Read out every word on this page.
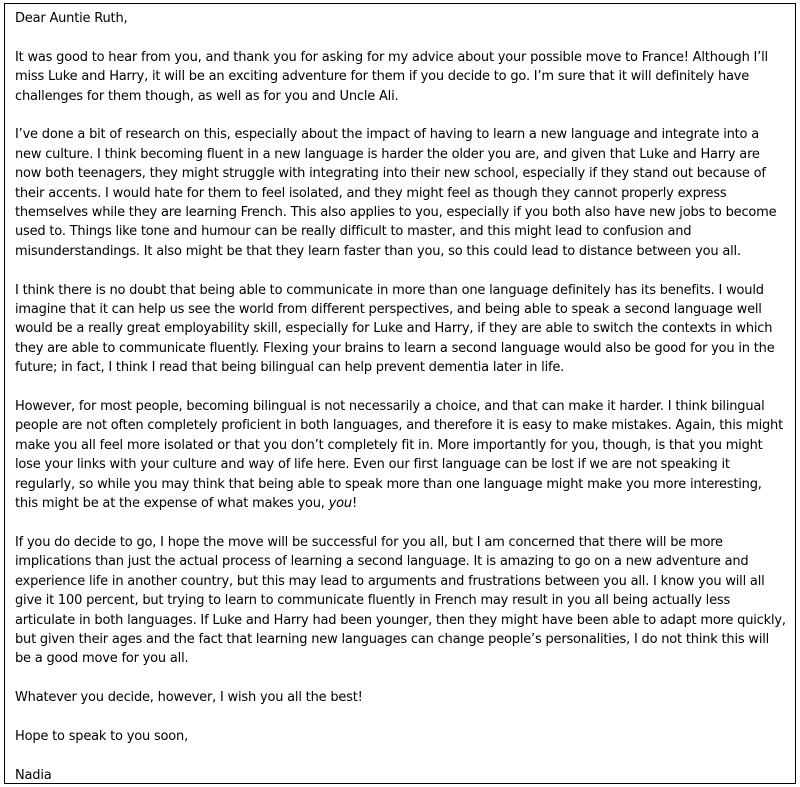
Dear Auntie Ruth,

It was good to hear from you, and thank you for asking for my advice about your possible move to France! Although I’ll miss Luke and Harry, it will be an exciting adventure for them if you decide to go. I’m sure that it will definitely have challenges for them though, as well as for you and Uncle Ali.

I’ve done a bit of research on this, especially about the impact of having to learn a new language and integrate into a new culture. I think becoming fluent in a new language is harder the older you are, and given that Luke and Harry are now both teenagers, they might struggle with integrating into their new school, especially if they stand out because of their accents. I would hate for them to feel isolated, and they might feel as though they cannot properly express themselves while they are learning French. This also applies to you, especially if you both also have new jobs to become used to. Things like tone and humour can be really difficult to master, and this might lead to confusion and misunderstandings. It also might be that they learn faster than you, so this could lead to distance between you all.

I think there is no doubt that being able to communicate in more than one language definitely has its benefits. I would imagine that it can help us see the world from different perspectives, and being able to speak a second language well would be a really great employability skill, especially for Luke and Harry, if they are able to switch the contexts in which they are able to communicate fluently. Flexing your brains to learn a second language would also be good for you in the future; in fact, I think I read that being bilingual can help prevent dementia later in life.

However, for most people, becoming bilingual is not necessarily a choice, and that can make it harder. I think bilingual people are not often completely proficient in both languages, and therefore it is easy to make mistakes. Again, this might make you all feel more isolated or that you don’t completely fit in. More importantly for you, though, is that you might lose your links with your culture and way of life here. Even our first language can be lost if we are not speaking it regularly, so while you may think that being able to speak more than one language might make you more interesting, this might be at the expense of what makes you, you!

If you do decide to go, I hope the move will be successful for you all, but I am concerned that there will be more implications than just the actual process of learning a second language. It is amazing to go on a new adventure and experience life in another country, but this may lead to arguments and frustrations between you all. I know you will all give it 100 percent, but trying to learn to communicate fluently in French may result in you all being actually less articulate in both languages. If Luke and Harry had been younger, then they might have been able to adapt more quickly, but given their ages and the fact that learning new languages can change people’s personalities, I do not think this will be a good move for you all.

Whatever you decide, however, I wish you all the best!

Hope to speak to you soon,

Nadia
